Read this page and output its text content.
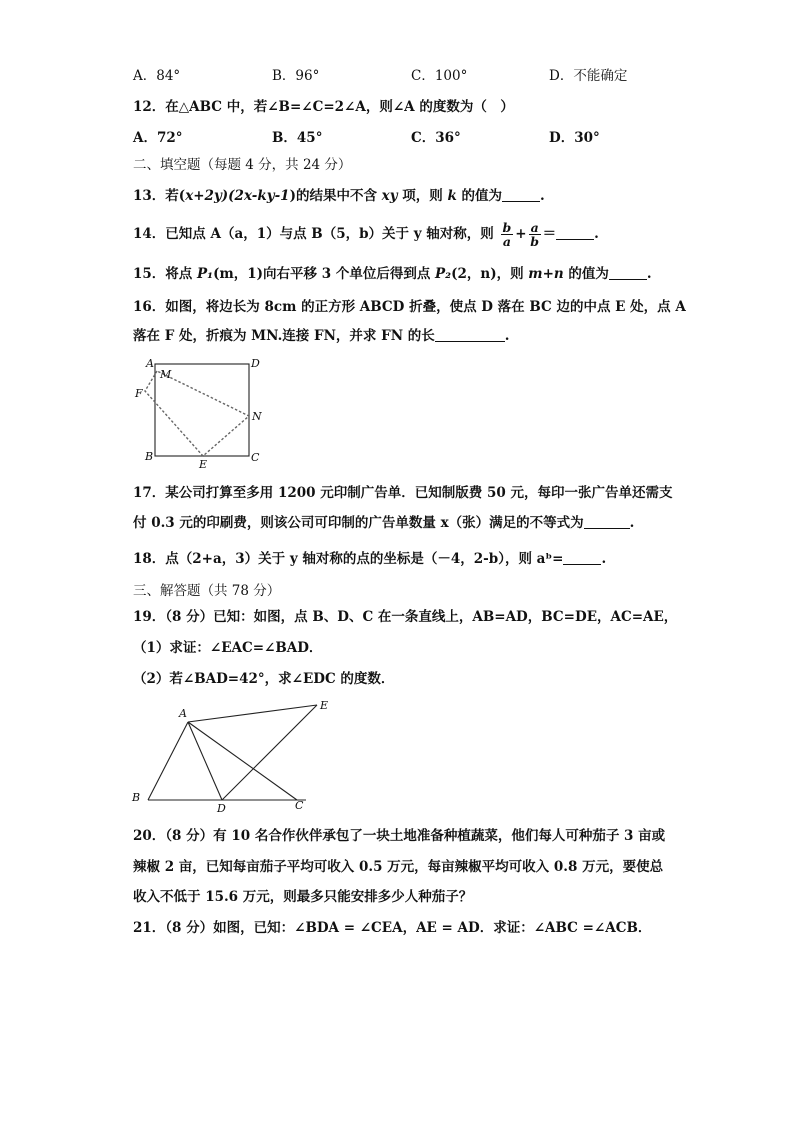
A．84°	B．96°	C．100°	D．不能确定
12．在△ABC 中，若∠B=∠C=2∠A，则∠A 的度数为（　）
A．72°	B．45°	C．36°	D．30°
二、填空题（每题 4 分，共 24 分）
13．若(x+2y)(2x-ky-1)的结果中不含 xy 项，则 k 的值为	.
14．已知点 A（a，1）与点 B（5，b）关于 y 轴对称，则 $\frac{b}{a} + \frac{a}{b}$ ＝	.
15．将点 P₁(m，1)向右平移 3 个单位后得到点 P₂(2，n)，则 m+n 的值为	.
16．如图，将边长为 8cm 的正方形 ABCD 折叠，使点 D 落在 BC 边的中点 E 处，点 A
落在 F 处，折痕为 MN.连接 FN，并求 FN 的长	.
A	D
M
F
N
B
E
C
17．某公司打算至多用 1200 元印制广告单．已知制版费 50 元，每印一张广告单还需支
付 0.3 元的印刷费，则该公司可印制的广告单数量 x（张）满足的不等式为	.
18．点（2+a，3）关于 y 轴对称的点的坐标是（－4，2-b），则 aᵇ=	.
三、解答题（共 78 分）
19．（8 分）已知：如图，点 B、D、C 在一条直线上，AB=AD，BC=DE，AC=AE，
（1）求证：∠EAC=∠BAD．
（2）若∠BAD=42°，求∠EDC 的度数．
A
E
B
D	C
20．（8 分）有 10 名合作伙伴承包了一块土地准备种植蔬菜，他们每人可种茄子 3 亩或
辣椒 2 亩，已知每亩茄子平均可收入 0.5 万元，每亩辣椒平均可收入 0.8 万元，要使总
收入不低于 15.6 万元，则最多只能安排多少人种茄子？
21．（8 分）如图，已知：∠BDA = ∠CEA，AE = AD．求证：∠ABC =∠ACB．
